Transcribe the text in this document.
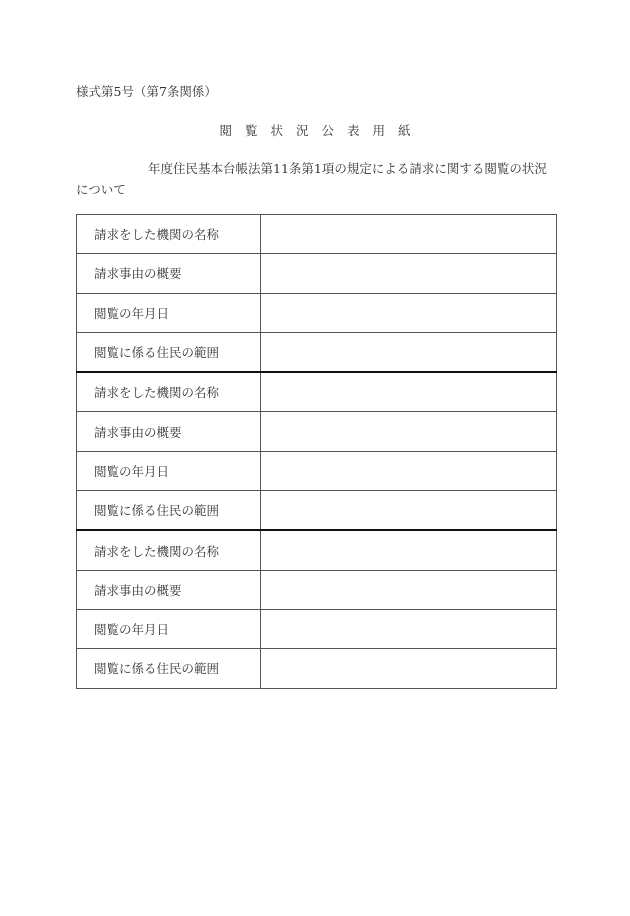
様式第5号（第7条関係）
閲 覧 状 況 公 表 用 紙
年度住民基本台帳法第11条第1項の規定による請求に関する閲覧の状況について
請求をした機関の名称	
請求事由の概要	
閲覧の年月日	
閲覧に係る住民の範囲	
請求をした機関の名称	
請求事由の概要	
閲覧の年月日	
閲覧に係る住民の範囲	
請求をした機関の名称	
請求事由の概要	
閲覧の年月日	
閲覧に係る住民の範囲	
